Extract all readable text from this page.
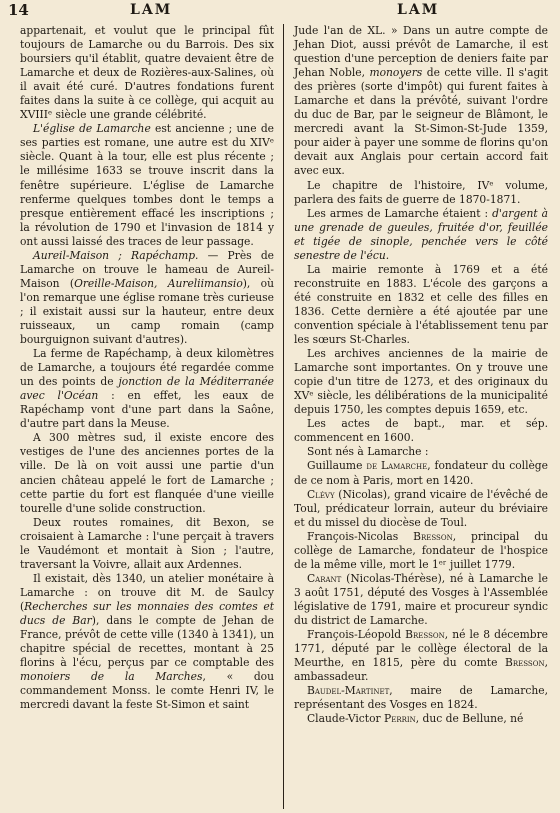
14	LAM	LAM

appartenait, et voulut que le principal fût toujours de Lamarche ou du Barrois. Des six boursiers qu'il établit, quatre devaient être de Lamarche et deux de Rozières-aux-Salines, où il avait été curé. D'autres fondations furent faites dans la suite à ce collège, qui acquit au XVIIIᵉ siècle une grande célébrité.

L'église de Lamarche est ancienne ; une de ses parties est romane, une autre est du XIVᵉ siècle. Quant à la tour, elle est plus récente ; le millésime 1633 se trouve inscrit dans la fenêtre supérieure. L'église de Lamarche renferme quelques tombes dont le temps a presque entièrement effacé les inscriptions ; la révolution de 1790 et l'invasion de 1814 y ont aussi laissé des traces de leur passage.

Aureil-Maison ; Rapéchamp. — Près de Lamarche on trouve le hameau de Aureil-Maison (Oreille-Maison, Aureliimansio), où l'on remarque une église romane très curieuse ; il existait aussi sur la hauteur, entre deux ruisseaux, un camp romain (camp bourguignon suivant d'autres).

La ferme de Rapéchamp, à deux kilomètres de Lamarche, a toujours été regardée comme un des points de jonction de la Méditerranée avec l'Océan : en effet, les eaux de Rapéchamp vont d'une part dans la Saône, d'autre part dans la Meuse.

A 300 mètres sud, il existe encore des vestiges de l'une des anciennes portes de la ville. De là on voit aussi une partie d'un ancien château appelé le fort de Lamarche ; cette partie du fort est flanquée d'une vieille tourelle d'une solide construction.

Deux routes romaines, dit Bexon, se croisaient à Lamarche : l'une perçait à travers le Vaudémont et montait à Sion ; l'autre, traversant la Voivre, allait aux Ardennes.

Il existait, dès 1340, un atelier monétaire à Lamarche : on trouve dit M. de Saulcy (Recherches sur les monnaies des comtes et ducs de Bar), dans le compte de Jehan de France, prévôt de cette ville (1340 à 1341), un chapitre spécial de recettes, montant à 25 florins à l'écu, perçus par ce comptable des monoiers de la Marches, « dou commandement Monss. le comte Henri IV, le mercredi davant la feste St-Simon et saint

Jude l'an de XL. » Dans un autre compte de Jehan Diot, aussi prévôt de Lamarche, il est question d'une perception de deniers faite par Jehan Noble, monoyers de cette ville. Il s'agit des prières (sorte d'impôt) qui furent faites à Lamarche et dans la prévôté, suivant l'ordre du duc de Bar, par le seigneur de Blâmont, le mercredi avant la St-Simon-St-Jude 1359, pour aider à payer une somme de florins qu'on devait aux Anglais pour certain accord fait avec eux.

Le chapitre de l'histoire, IVᵉ volume, parlera des faits de guerre de 1870-1871.

Les armes de Lamarche étaient : d'argent à une grenade de gueules, fruitée d'or, feuillée et tigée de sinople, penchée vers le côté senestre de l'écu.

La mairie remonte à 1769 et a été reconstruite en 1883. L'école des garçons a été construite en 1832 et celle des filles en 1836. Cette dernière a été ajoutée par une convention spéciale à l'établissement tenu par les sœurs St-Charles.

Les archives anciennes de la mairie de Lamarche sont importantes. On y trouve une copie d'un titre de 1273, et des originaux du XVᵉ siècle, les délibérations de la municipalité depuis 1750, les comptes depuis 1659, etc.

Les actes de bapt., mar. et sép. commencent en 1600.

Sont nés à Lamarche :

Guillaume de Lamarche, fondateur du collège de ce nom à Paris, mort en 1420.

Clévy (Nicolas), grand vicaire de l'évêché de Toul, prédicateur lorrain, auteur du bréviaire et du missel du diocèse de Toul.

François-Nicolas Bresson, principal du collège de Lamarche, fondateur de l'hospice de la même ville, mort le 1ᵉʳ juillet 1779.

Carant (Nicolas-Thérèse), né à Lamarche le 3 août 1751, député des Vosges à l'Assemblée législative de 1791, maire et procureur syndic du district de Lamarche.

François-Léopold Bresson, né le 8 décembre 1771, député par le collège électoral de la Meurthe, en 1815, père du comte Bresson, ambassadeur.

Baudel-Martinet, maire de Lamarche, représentant des Vosges en 1824.

Claude-Victor Perrin, duc de Bellune, né
